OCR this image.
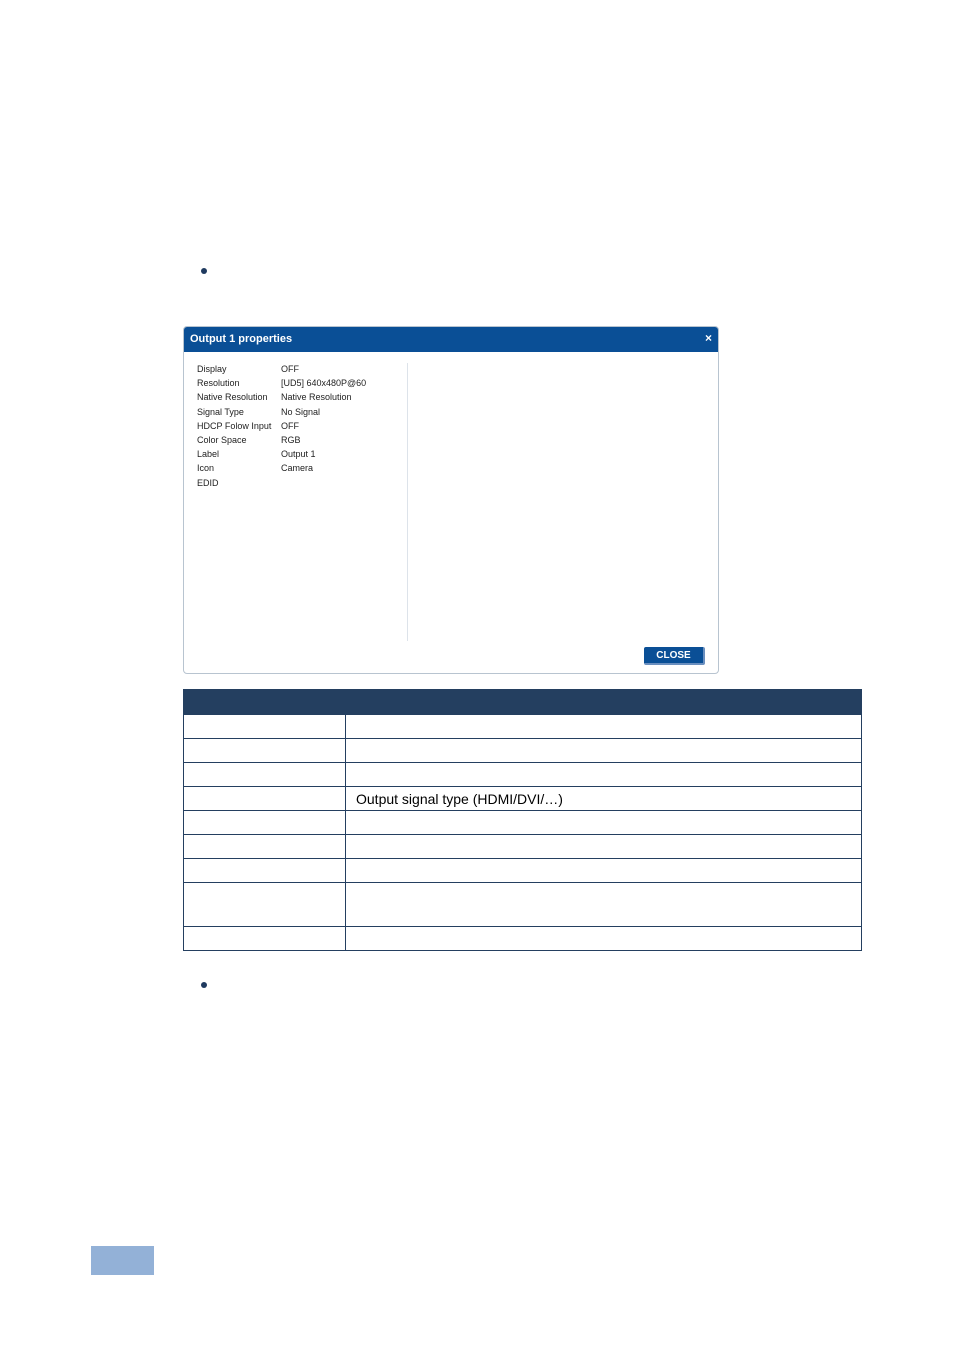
Output 1 properties	×
Display	OFF
Resolution	[UD5] 640x480P@60
Native Resolution Native Resolution
Signal Type	No Signal
HDCP Folow Input OFF
Color Space	RGB
Label	Output 1
Icon	Camera
EDID
CLOSE

	Output signal type (HDMI/DVI/…)
